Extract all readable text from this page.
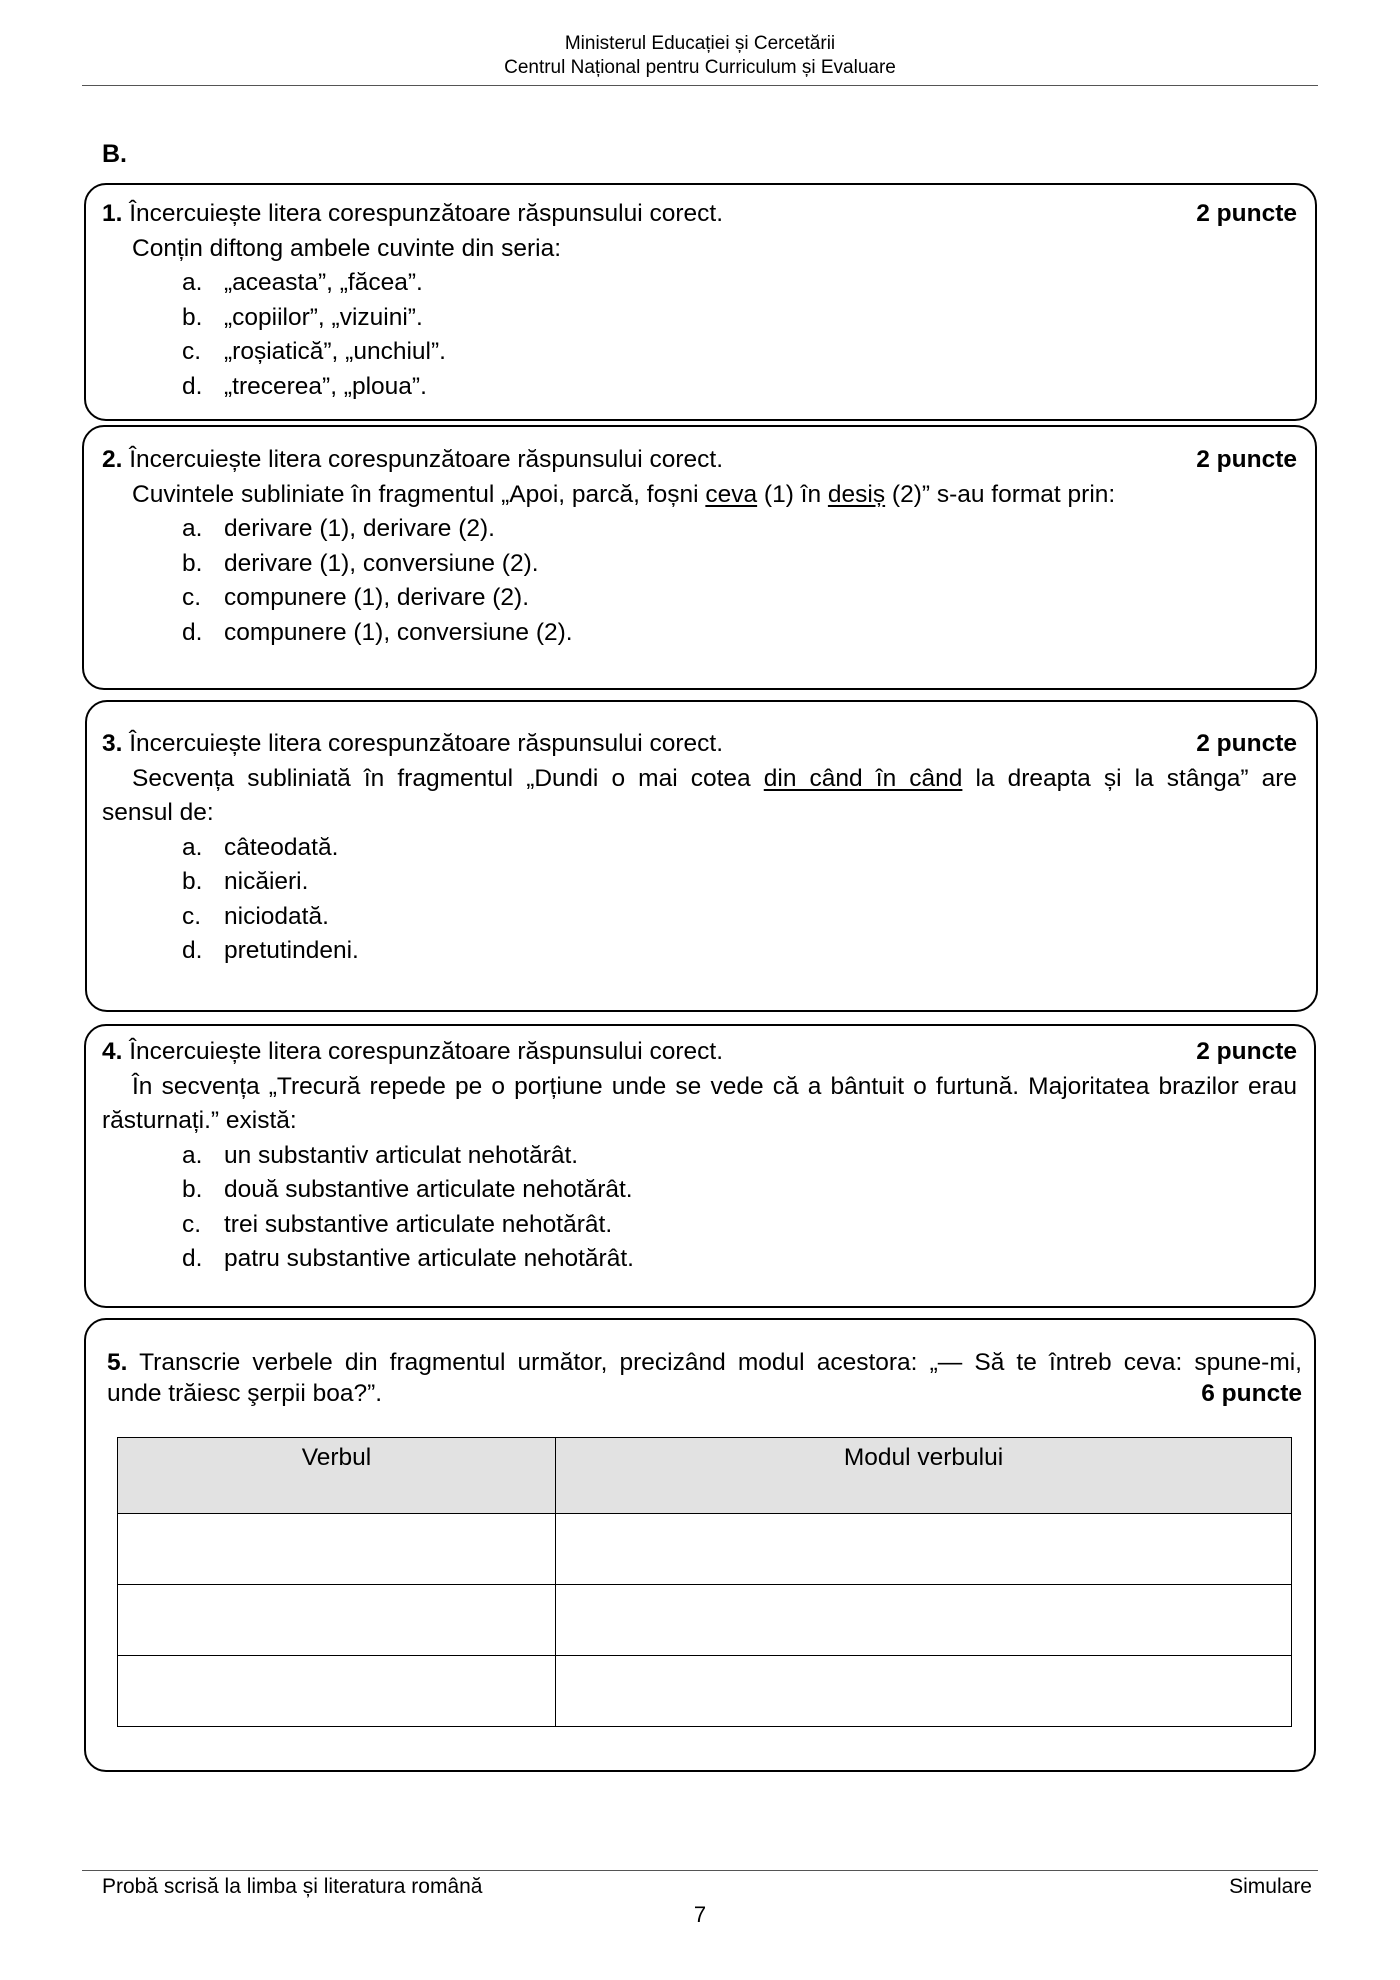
Ministerul Educației și Cercetării
Centrul Național pentru Curriculum și Evaluare
B.
1. Încercuiește litera corespunzătoare răspunsului corect.	2 puncte
Conțin diftong ambele cuvinte din seria:
a. „aceasta”, „făcea”.
b. „copiilor”, „vizuini”.
c. „roșiatică”, „unchiul”.
d. „trecerea”, „ploua”.
2. Încercuiește litera corespunzătoare răspunsului corect.	2 puncte
Cuvintele subliniate în fragmentul „Apoi, parcă, foșni ceva (1) în desiș (2)” s-au format prin:
a. derivare (1), derivare (2).
b. derivare (1), conversiune (2).
c. compunere (1), derivare (2).
d. compunere (1), conversiune (2).
3. Încercuiește litera corespunzătoare răspunsului corect.	2 puncte
Secvența subliniată în fragmentul „Dundi o mai cotea din când în când la dreapta și la stânga” are
sensul de:
a. câteodată.
b. nicăieri.
c. niciodată.
d. pretutindeni.
4. Încercuiește litera corespunzătoare răspunsului corect.	2 puncte
În secvența „Trecură repede pe o porțiune unde se vede că a bântuit o furtună. Majoritatea brazilor erau
răsturnați.” există:
a. un substantiv articulat nehotărât.
b. două substantive articulate nehotărât.
c. trei substantive articulate nehotărât.
d. patru substantive articulate nehotărât.
5. Transcrie verbele din fragmentul următor, precizând modul acestora: „— Să te întreb ceva: spune-mi,
unde trăiesc şerpii boa?”.	6 puncte
Verbul	Modul verbului

Probă scrisă la limba și literatura română	Simulare
7
